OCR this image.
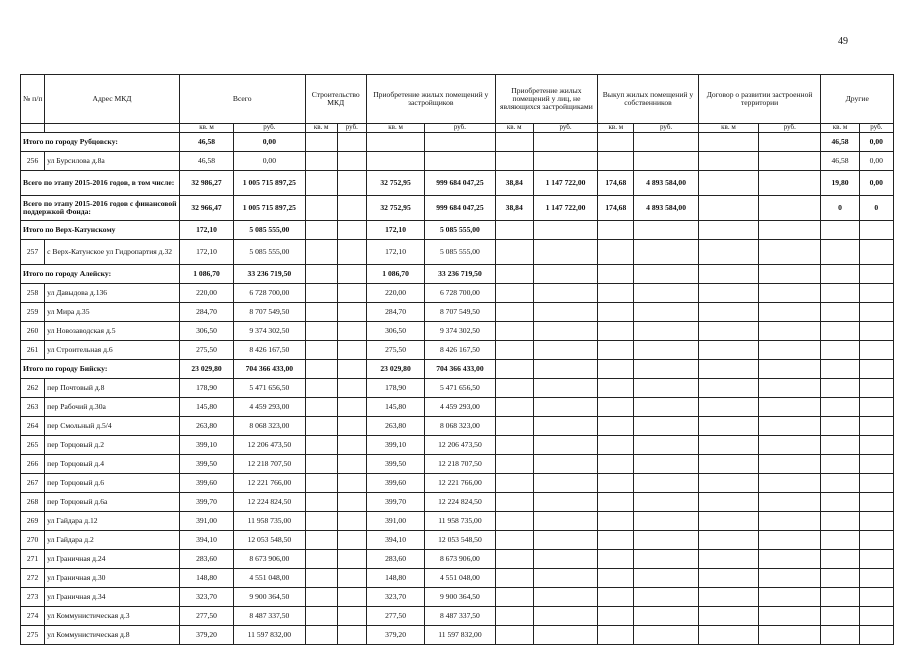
49
№ п/п	Адрес МКД	Всего		Строительство МКД		Приобретение жилых помещений у застройщиков		Приобретение жилых помещений у лиц, не являющихся застройщиками		Выкуп жилых помещений у собственников		Договор о развитии застроенной территории		Другие	
		кв. м	руб.	кв. м	руб.	кв. м	руб.	кв. м	руб.	кв. м	руб.	кв. м	руб.	кв. м	руб.
Итого по городу Рубцовску:		46,58	0,00											46,58	0,00
256	ул Бурсилова д.8а	46,58	0,00											46,58	0,00
Всего по этапу 2015-2016 годов, в том числе:		32 986,27	1 005 715 897,25			32 752,95	999 684 047,25	38,84	1 147 722,00	174,68	4 893 584,00			19,80	0,00
Всего по этапу 2015-2016 годов с финансовой поддержкой Фонда:		32 966,47	1 005 715 897,25			32 752,95	999 684 047,25	38,84	1 147 722,00	174,68	4 893 584,00			0	0
Итого по Верх-Катунскому		172,10	5 085 555,00			172,10	5 085 555,00								
257	с Верх-Катунское ул Гидропартия д.32	172,10	5 085 555,00			172,10	5 085 555,00								
Итого по городу Алейску:		1 086,70	33 236 719,50			1 086,70	33 236 719,50								
258	ул Давыдова д.136	220,00	6 728 700,00			220,00	6 728 700,00								
259	ул Мира д.35	284,70	8 707 549,50			284,70	8 707 549,50								
260	ул Новозаводская д.5	306,50	9 374 302,50			306,50	9 374 302,50								
261	ул Строительная д.6	275,50	8 426 167,50			275,50	8 426 167,50								
Итого по городу Бийску:		23 029,80	704 366 433,00			23 029,80	704 366 433,00								
262	пер Почтовый д.8	178,90	5 471 656,50			178,90	5 471 656,50								
263	пер Рабочий д.30а	145,80	4 459 293,00			145,80	4 459 293,00								
264	пер Смольный д.5/4	263,80	8 068 323,00			263,80	8 068 323,00								
265	пер Торцовый д.2	399,10	12 206 473,50			399,10	12 206 473,50								
266	пер Торцовый д.4	399,50	12 218 707,50			399,50	12 218 707,50								
267	пер Торцовый д.6	399,60	12 221 766,00			399,60	12 221 766,00								
268	пер Торцовый д.6а	399,70	12 224 824,50			399,70	12 224 824,50								
269	ул Гайдара д.12	391,00	11 958 735,00			391,00	11 958 735,00								
270	ул Гайдара д.2	394,10	12 053 548,50			394,10	12 053 548,50								
271	ул Граничная д.24	283,60	8 673 906,00			283,60	8 673 906,00								
272	ул Граничная д.30	148,80	4 551 048,00			148,80	4 551 048,00								
273	ул Граничная д.34	323,70	9 900 364,50			323,70	9 900 364,50								
274	ул Коммунистическая д.3	277,50	8 487 337,50			277,50	8 487 337,50								
275	ул Коммунистическая д.8	379,20	11 597 832,00			379,20	11 597 832,00								
